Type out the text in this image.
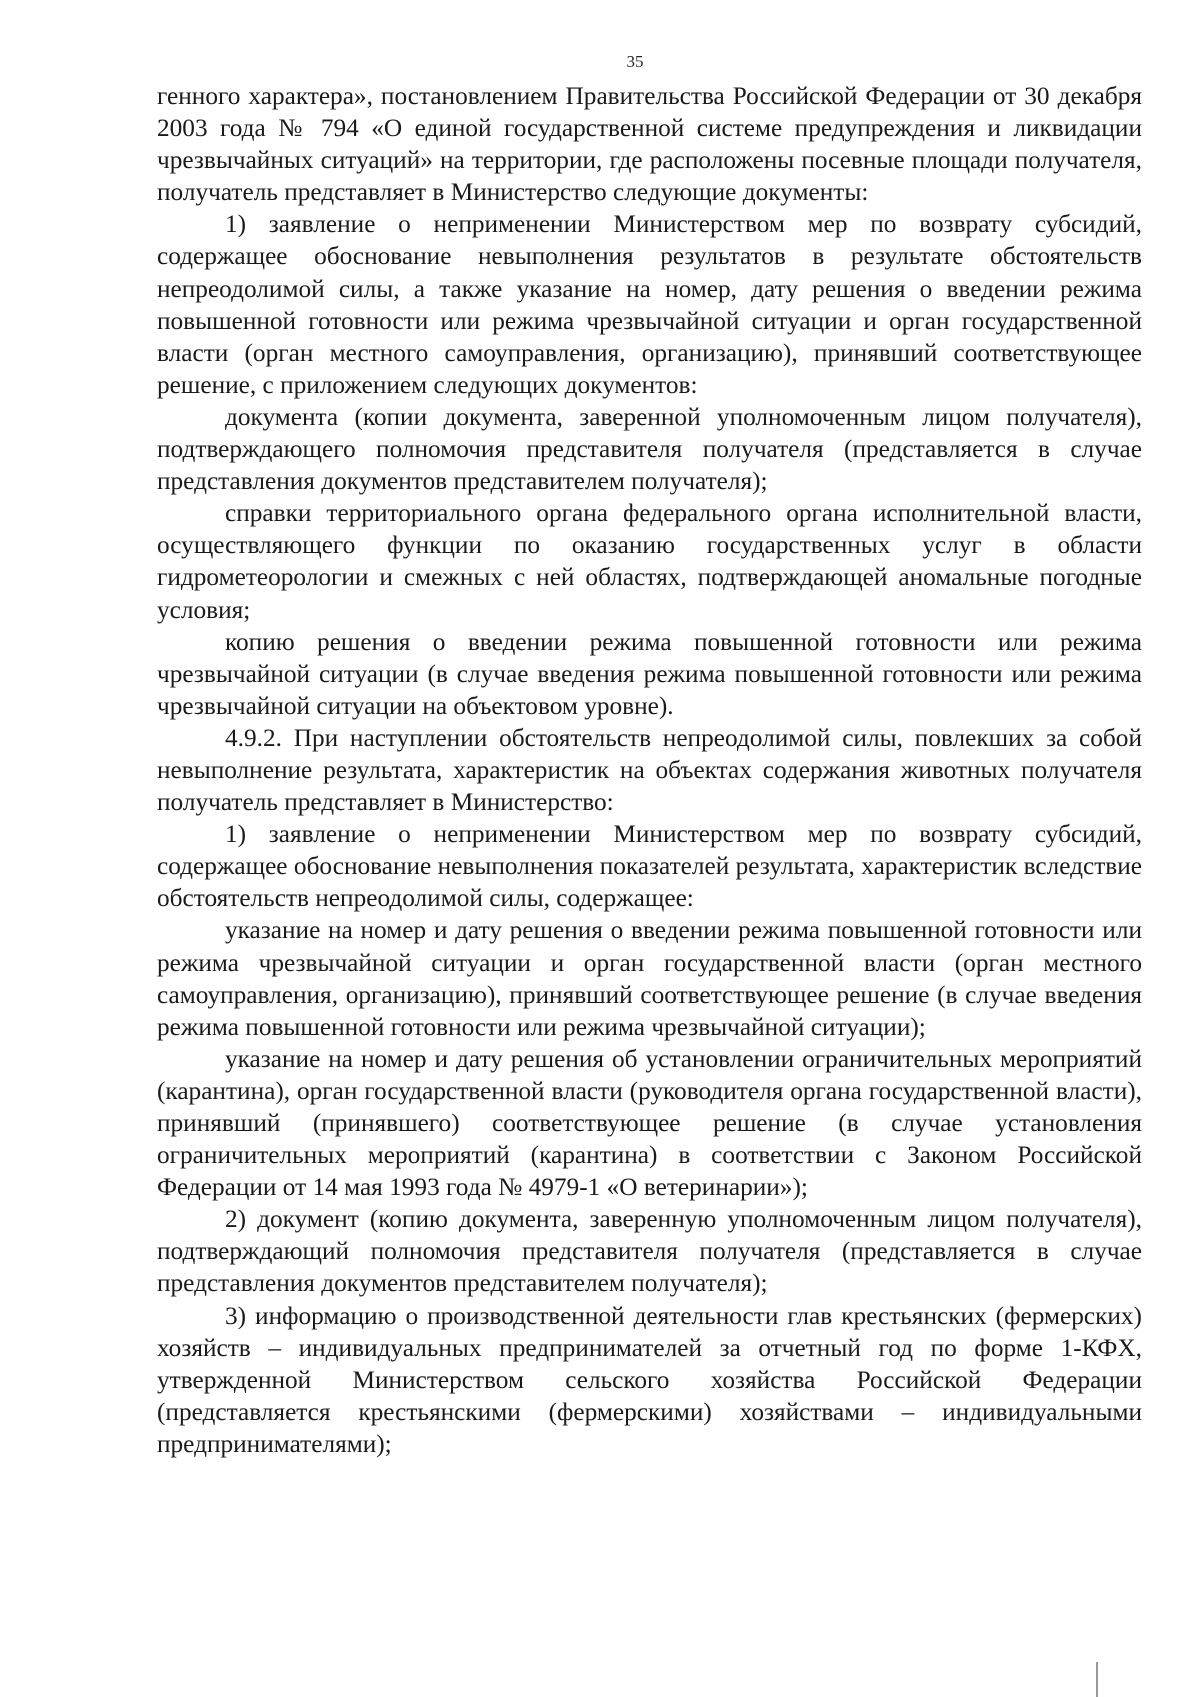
35

генного характера», постановлением Правительства Российской Федерации от 30 декабря 2003 года № 794 «О единой государственной системе предупреждения и ликвидации чрезвычайных ситуаций» на территории, где расположены посевные площади получателя, получатель представляет в Министерство следующие документы:

1) заявление о неприменении Министерством мер по возврату субсидий, содержащее обоснование невыполнения результатов в результате обстоятельств непреодолимой силы, а также указание на номер, дату решения о введении режима повышенной готовности или режима чрезвычайной ситуации и орган государственной власти (орган местного самоуправления, организацию), принявший соответствующее решение, с приложением следующих документов:

документа (копии документа, заверенной уполномоченным лицом получателя), подтверждающего полномочия представителя получателя (представляется в случае представления документов представителем получателя);

справки территориального органа федерального органа исполнительной власти, осуществляющего функции по оказанию государственных услуг в области гидрометеорологии и смежных с ней областях, подтверждающей аномальные погодные условия;

копию решения о введении режима повышенной готовности или режима чрезвычайной ситуации (в случае введения режима повышенной готовности или режима чрезвычайной ситуации на объектовом уровне).

4.9.2. При наступлении обстоятельств непреодолимой силы, повлекших за собой невыполнение результата, характеристик на объектах содержания животных получателя получатель представляет в Министерство:

1) заявление о неприменении Министерством мер по возврату субсидий, содержащее обоснование невыполнения показателей результата, характеристик вследствие обстоятельств непреодолимой силы, содержащее:

указание на номер и дату решения о введении режима повышенной готовности или режима чрезвычайной ситуации и орган государственной власти (орган местного самоуправления, организацию), принявший соответствующее решение (в случае введения режима повышенной готовности или режима чрезвычайной ситуации);

указание на номер и дату решения об установлении ограничительных мероприятий (карантина), орган государственной власти (руководителя органа государственной власти), принявший (принявшего) соответствующее решение (в случае установления ограничительных мероприятий (карантина) в соответствии с Законом Российской Федерации от 14 мая 1993 года № 4979-1 «О ветеринарии»);

2) документ (копию документа, заверенную уполномоченным лицом получателя), подтверждающий полномочия представителя получателя (представляется в случае представления документов представителем получателя);

3) информацию о производственной деятельности глав крестьянских (фермерских) хозяйств – индивидуальных предпринимателей за отчетный год по форме 1-КФХ, утвержденной Министерством сельского хозяйства Российской Федерации (представляется крестьянскими (фермерскими) хозяйствами – индивидуальными предпринимателями);
